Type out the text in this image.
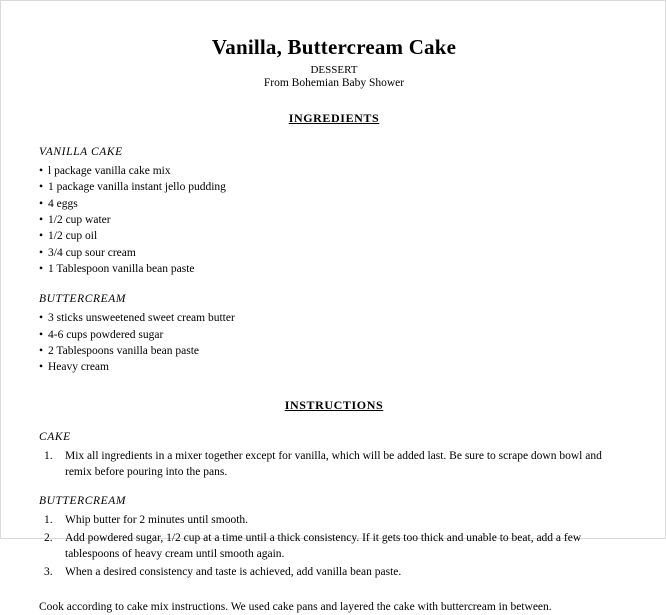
Vanilla, Buttercream Cake
DESSERT
From Bohemian Baby Shower
INGREDIENTS
VANILLA CAKE
• l package vanilla cake mix
• 1 package vanilla instant jello pudding
• 4 eggs
• 1/2 cup water
• 1/2 cup oil
• 3/4 cup sour cream
• 1 Tablespoon vanilla bean paste
BUTTERCREAM
• 3 sticks unsweetened sweet cream butter
• 4-6 cups powdered sugar
• 2 Tablespoons vanilla bean paste
• Heavy cream
INSTRUCTIONS
CAKE
Mix all ingredients in a mixer together except for vanilla, which will be added last. Be sure to scrape down bowl and remix before pouring into the pans.
BUTTERCREAM
Whip butter for 2 minutes until smooth.
Add powdered sugar, 1/2 cup at a time until a thick consistency. If it gets too thick and unable to beat, add a few tablespoons of heavy cream until smooth again.
When a desired consistency and taste is achieved, add vanilla bean paste.

Cook according to cake mix instructions. We used cake pans and layered the cake with buttercream in between.
